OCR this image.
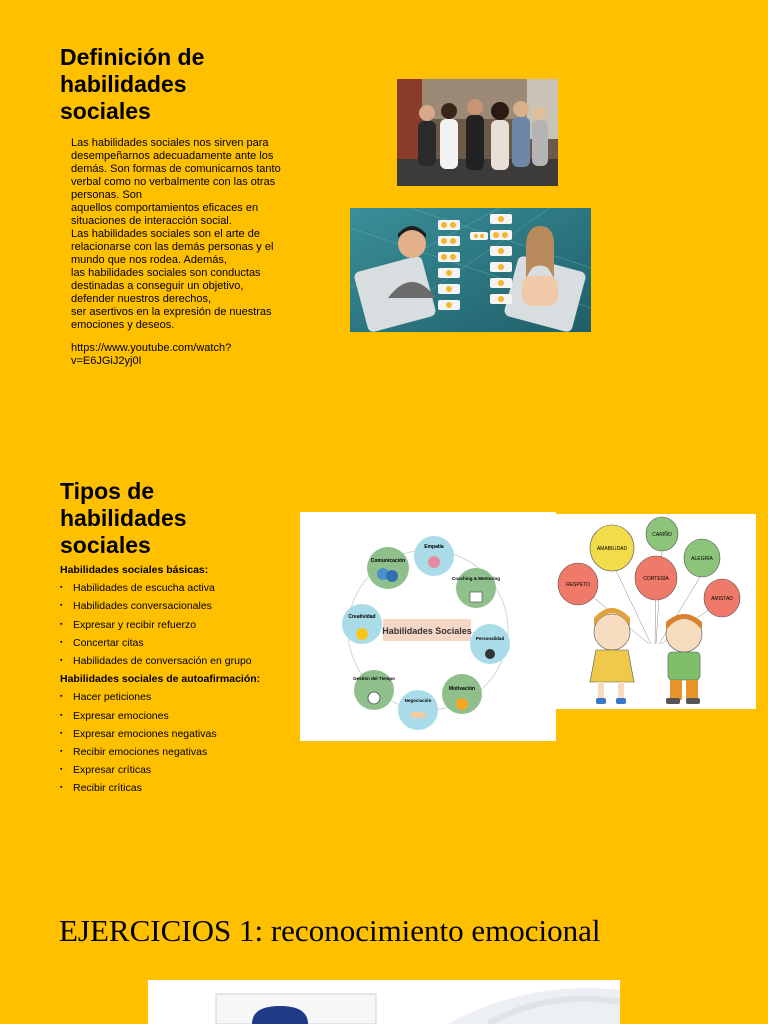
Definición de
habilidades
sociales
Las habilidades sociales nos sirven para
desempeñarnos adecuadamente ante los
demás. Son formas de comunicarnos tanto
verbal como no verbalmente con las otras
personas. Son
aquellos comportamientos eficaces en
situaciones de interacción social.
Las habilidades sociales son el arte de
relacionarse con las demás personas y el
mundo que nos rodea. Además,
las habilidades sociales son conductas
destinadas a conseguir un objetivo,
defender nuestros derechos,
ser asertivos en la expresión de nuestras
emociones y deseos.
https://www.youtube.com/watch?
v=E6JGiJ2yj0I
Tipos de
habilidades
sociales
Habilidades sociales básicas:
▪ Habilidades de escucha activa
▪ Habilidades conversacionales
▪ Expresar y recibir refuerzo
▪ Concertar citas
▪ Habilidades de conversación en grupo
Habilidades sociales de autoafirmación:
▪ Hacer peticiones
▪ Expresar emociones
▪ Expresar emociones negativas
▪ Recibir emociones negativas
▪ Expresar críticas
▪ Recibir críticas
Habilidades Sociales
Comunicación
Empatía
Coaching & Mentoring
Personalidad
Motivación
Negociación
Gestión del Tiempo
Creatividad
CARIÑO
AMABILIDAD
ALEGRÍA
RESPETO
CORTESÍA
AMISTAD
EJERCICIOS 1: reconocimiento emocional
